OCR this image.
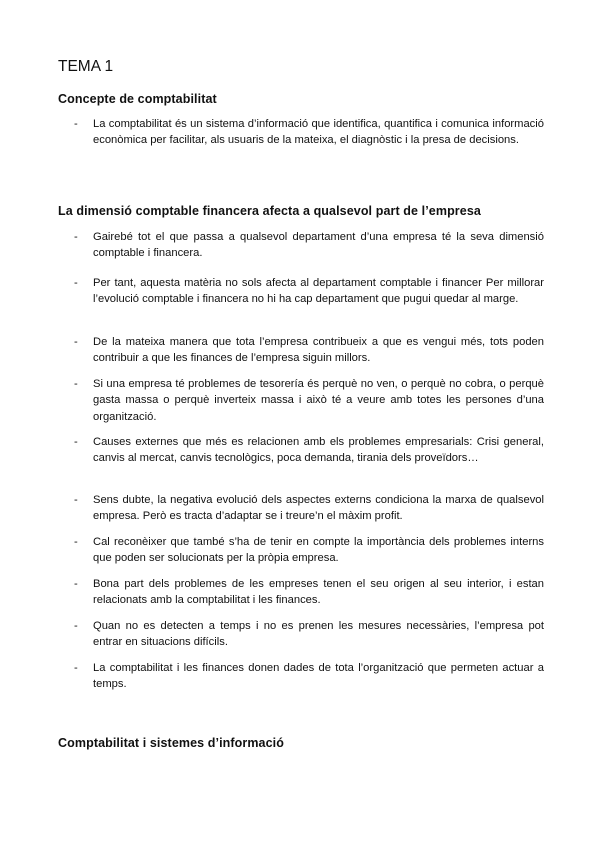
TEMA 1
Concepte de comptabilitat
-	La comptabilitat és un sistema d’informació que identifica, quantifica i comunica informació econòmica per facilitar, als usuaris de la mateixa, el diagnòstic i la presa de decisions.
La dimensió comptable financera afecta a qualsevol part de l’empresa
-	Gairebé tot el que passa a qualsevol departament d’una empresa té la seva dimensió comptable i financera.
-	Per tant, aquesta matèria no sols afecta al departament comptable i financer Per millorar l’evolució comptable i financera no hi ha cap departament que pugui quedar al marge.
-	De la mateixa manera que tota l’empresa contribueix a que es vengui més, tots poden contribuir a que les finances de l’empresa siguin millors.
-	Si una empresa té problemes de tesorería és perquè no ven, o perquè no cobra, o perquè gasta massa o perquè inverteix massa i això té a veure amb totes les persones d’una organització.
-	Causes externes que més es relacionen amb els problemes empresarials: Crisi general, canvis al mercat, canvis tecnològics, poca demanda, tirania dels proveïdors…
-	Sens dubte, la negativa evolució dels aspectes externs condiciona la marxa de qualsevol empresa. Però es tracta d’adaptar se i treure’n el màxim profit.
-	Cal reconèixer que també s’ha de tenir en compte la importància dels problemes interns que poden ser solucionats per la pròpia empresa.
-	Bona part dels problemes de les empreses tenen el seu origen al seu interior, i estan relacionats amb la comptabilitat i les finances.
-	Quan no es detecten a temps i no es prenen les mesures necessàries, l’empresa pot entrar en situacions difícils.
-	La comptabilitat i les finances donen dades de tota l’organització que permeten actuar a temps.
Comptabilitat i sistemes d’informació
